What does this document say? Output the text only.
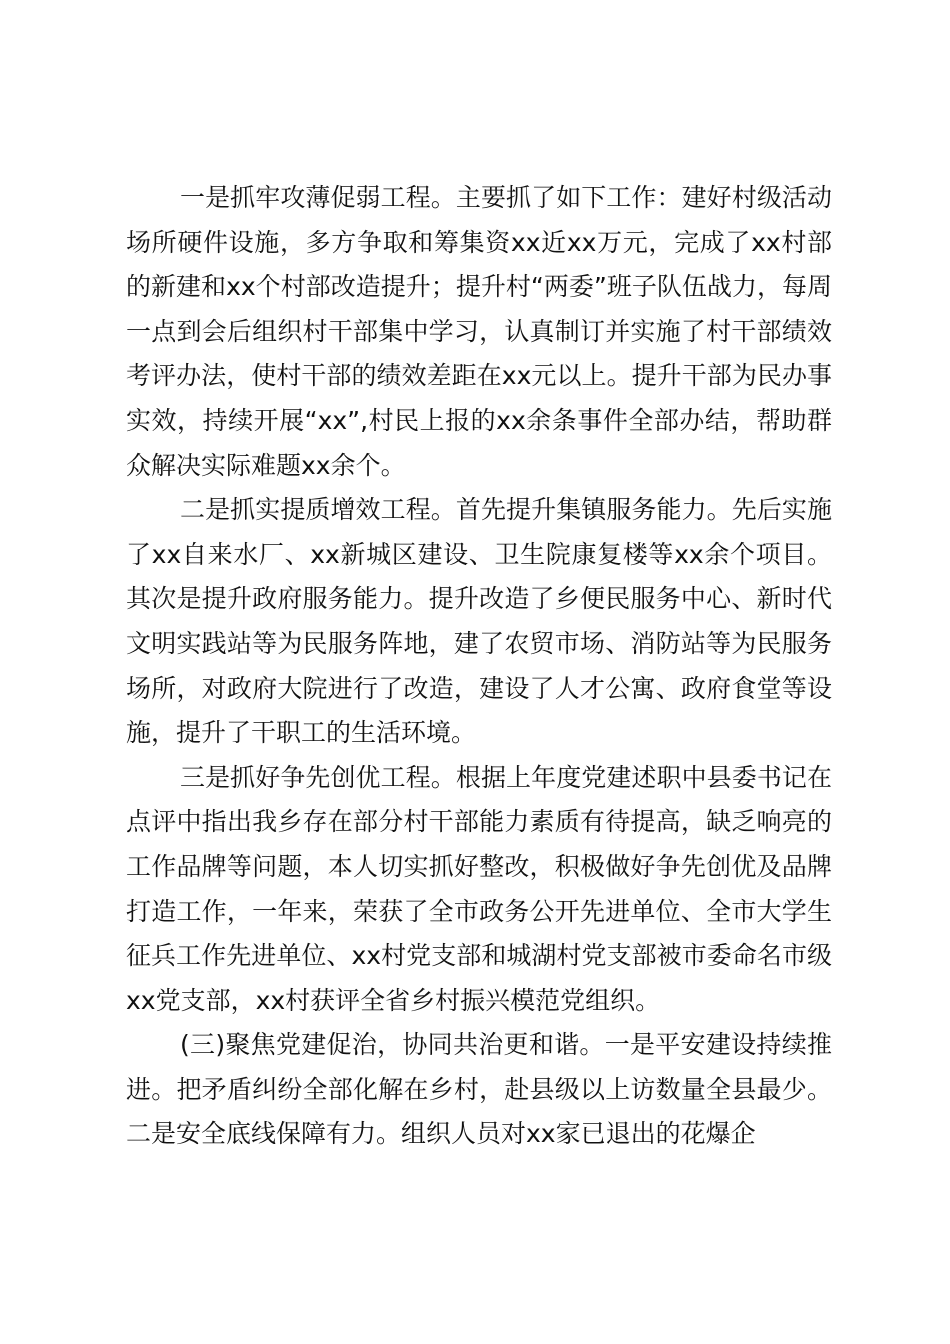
一是抓牢攻薄促弱工程。主要抓了如下工作：建好村级活动场所硬件设施，多方争取和筹集资xx近xx万元，完成了xx村部的新建和xx个村部改造提升；提升村“两委”班子队伍战力，每周一点到会后组织村干部集中学习，认真制订并实施了村干部绩效考评办法，使村干部的绩效差距在xx元以上。提升干部为民办事实效，持续开展“xx”,村民上报的xx余条事件全部办结，帮助群众解决实际难题xx余个。

二是抓实提质增效工程。首先提升集镇服务能力。先后实施了xx自来水厂、xx新城区建设、卫生院康复楼等xx余个项目。其次是提升政府服务能力。提升改造了乡便民服务中心、新时代文明实践站等为民服务阵地，建了农贸市场、消防站等为民服务场所，对政府大院进行了改造，建设了人才公寓、政府食堂等设施，提升了干职工的生活环境。

三是抓好争先创优工程。根据上年度党建述职中县委书记在点评中指出我乡存在部分村干部能力素质有待提高，缺乏响亮的工作品牌等问题，本人切实抓好整改，积极做好争先创优及品牌打造工作，一年来，荣获了全市政务公开先进单位、全市大学生征兵工作先进单位、xx村党支部和城湖村党支部被市委命名市级xx党支部，xx村获评全省乡村振兴模范党组织。

(三)聚焦党建促治，协同共治更和谐。一是平安建设持续推进。把矛盾纠纷全部化解在乡村，赴县级以上访数量全县最少。二是安全底线保障有力。组织人员对xx家已退出的花爆企
